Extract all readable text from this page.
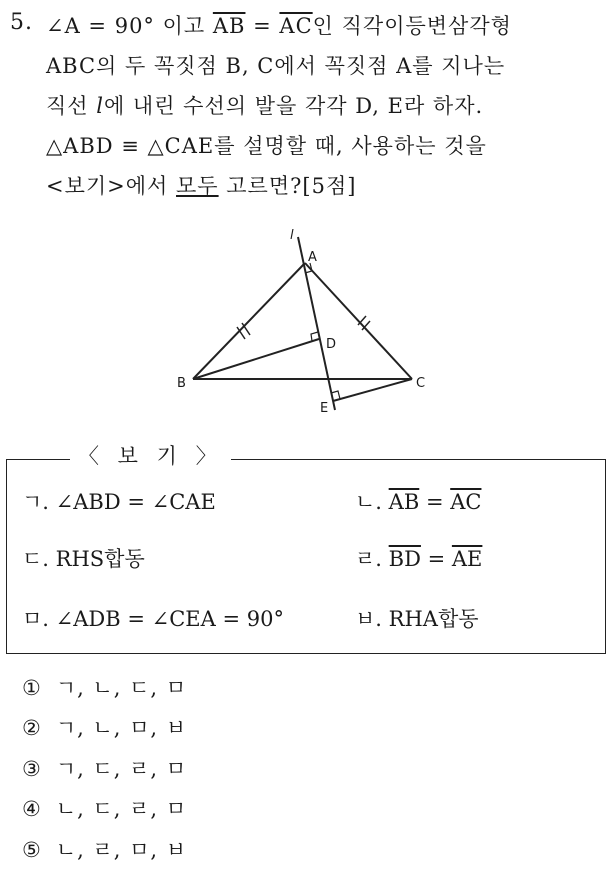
5. ∠A = 90° 이고 $\overline{AB} = \overline{AC}$인 직각이등변삼각형
ABC의 두 꼭짓점 B, C에서 꼭짓점 A를 지나는
직선 l에 내린 수선의 발을 각각 D, E라 하자.
△ABD ≡ △CAE를 설명할 때, 사용하는 것을
<보기>에서 모두 고르면?[5점]
l
A
B	C
D
E
〈 보 기 〉
ㄱ. ∠ABD = ∠CAE	ㄴ. $\overline{AB} = \overline{AC}$
ㄷ. RHS합동	ㄹ. $\overline{BD} = \overline{AE}$
ㅁ. ∠ADB = ∠CEA = 90°	ㅂ. RHA합동
① ㄱ, ㄴ, ㄷ, ㅁ
② ㄱ, ㄴ, ㅁ, ㅂ
③ ㄱ, ㄷ, ㄹ, ㅁ
④ ㄴ, ㄷ, ㄹ, ㅁ
⑤ ㄴ, ㄹ, ㅁ, ㅂ
